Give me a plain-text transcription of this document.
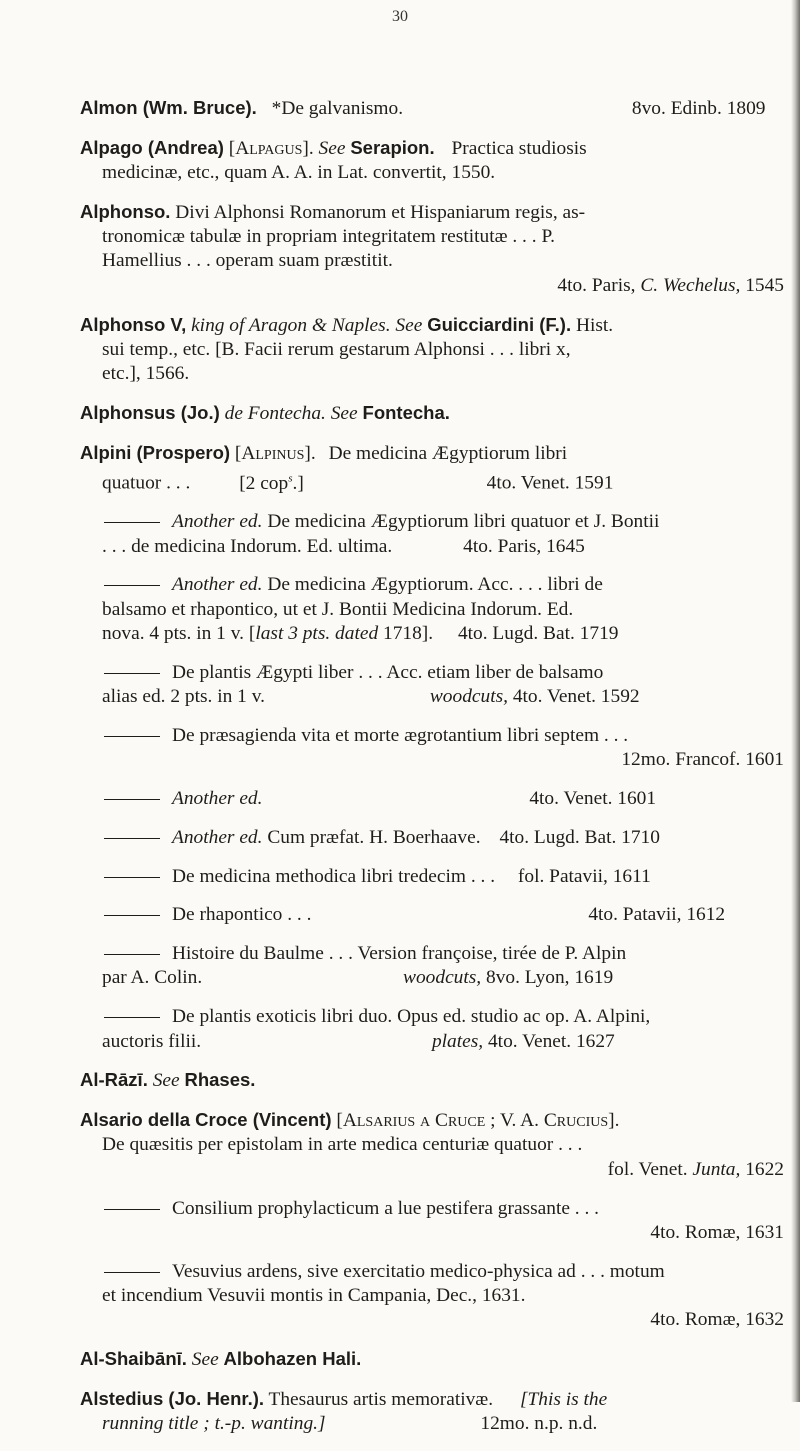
30
Almon (Wm. Bruce). *De galvanismo.	8vo. Edinb. 1809
Alpago (Andrea) [Alpagus]. See Serapion. Practica studiosis
medicinæ, etc., quam A. A. in Lat. convertit, 1550.
Alphonso. Divi Alphonsi Romanorum et Hispaniarum regis, as-
tronomicæ tabulæ in propriam integritatem restitutæ . . . P.
Hamellius . . . operam suam præstitit.
4to. Paris, C. Wechelus, 1545
Alphonso V, king of Aragon & Naples. See Guicciardini (F.). Hist.
sui temp., etc. [B. Facii rerum gestarum Alphonsi . . . libri x,
etc.], 1566.
Alphonsus (Jo.) de Fontecha. See Fontecha.
Alpini (Prospero) [Alpinus]. De medicina Ægyptiorum libri
quatuor . . .	[2 cop$^s$.]	4to. Venet. 1591
Another ed. De medicina Ægyptiorum libri quatuor et J. Bontii
. . . de medicina Indorum. Ed. ultima.	4to. Paris, 1645
Another ed. De medicina Ægyptiorum. Acc. . . . libri de
balsamo et rhapontico, ut et J. Bontii Medicina Indorum. Ed.
nova. 4 pts. in 1 v. [last 3 pts. dated 1718]. 4to. Lugd. Bat. 1719
De plantis Ægypti liber . . . Acc. etiam liber de balsamo
alias ed. 2 pts. in 1 v.	woodcuts, 4to. Venet. 1592
De præsagienda vita et morte ægrotantium libri septem . . .
12mo. Francof. 1601
Another ed.	4to. Venet. 1601
Another ed. Cum præfat. H. Boerhaave. 4to. Lugd. Bat. 1710
De medicina methodica libri tredecim . . . fol. Patavii, 1611
De rhapontico . . .	4to. Patavii, 1612
Histoire du Baulme . . . Version françoise, tirée de P. Alpin
par A. Colin.	woodcuts, 8vo. Lyon, 1619
De plantis exoticis libri duo. Opus ed. studio ac op. A. Alpini,
auctoris filii.	plates, 4to. Venet. 1627
Al-Rāzī. See Rhases.
Alsario della Croce (Vincent) [Alsarius a Cruce ; V. A. Crucius].
De quæsitis per epistolam in arte medica centuriæ quatuor . . .
fol. Venet. Junta, 1622
Consilium prophylacticum a lue pestifera grassante . . .
4to. Romæ, 1631
Vesuvius ardens, sive exercitatio medico-physica ad . . . motum
et incendium Vesuvii montis in Campania, Dec., 1631.
4to. Romæ, 1632
Al-Shaibānī. See Albohazen Hali.
Alstedius (Jo. Henr.). Thesaurus artis memorativæ. [This is the
running title ; t.-p. wanting.]	12mo. n.p. n.d.
